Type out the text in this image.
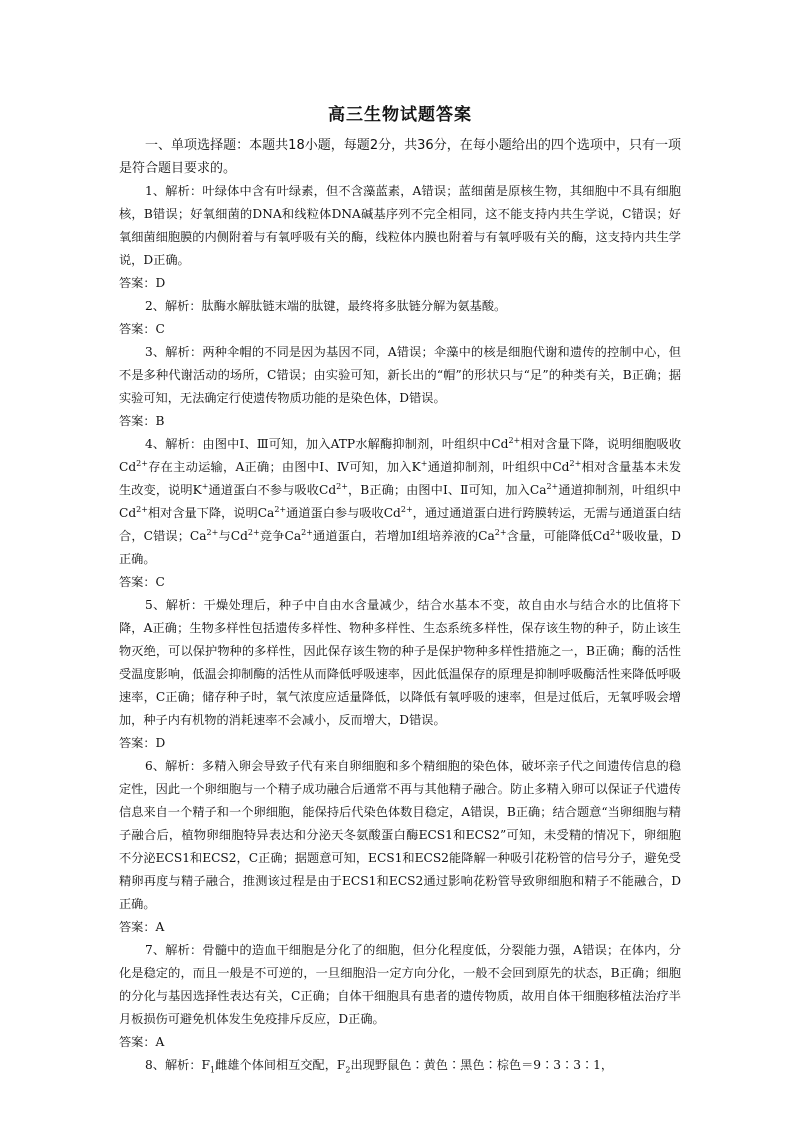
高三生物试题答案

一、单项选择题：本题共18小题，每题2分，共36分，在每小题给出的四个选项中，只有一项是符合题目要求的。

1、解析：叶绿体中含有叶绿素，但不含藻蓝素，A错误；蓝细菌是原核生物，其细胞中不具有细胞核，B错误；好氧细菌的DNA和线粒体DNA碱基序列不完全相同，这不能支持内共生学说，C错误；好氧细菌细胞膜的内侧附着与有氧呼吸有关的酶，线粒体内膜也附着与有氧呼吸有关的酶，这支持内共生学说，D正确。

答案：D

2、解析：肽酶水解肽链末端的肽键，最终将多肽链分解为氨基酸。

答案：C

3、解析：两种伞帽的不同是因为基因不同，A错误；伞藻中的核是细胞代谢和遗传的控制中心，但不是多种代谢活动的场所，C错误；由实验可知，新长出的“帽”的形状只与“足”的种类有关，B正确；据实验可知，无法确定行使遗传物质功能的是染色体，D错误。

答案：B

4、解析：由图中Ⅰ、Ⅲ可知，加入ATP水解酶抑制剂，叶组织中$Cd^{2+}$相对含量下降，说明细胞吸收$Cd^{2+}$存在主动运输，A正确；由图中Ⅰ、Ⅳ可知，加入K+通道抑制剂，叶组织中$Cd^{2+}$相对含量基本未发生改变，说明K+通道蛋白不参与吸收$Cd^{2+}$，B正确；由图中Ⅰ、Ⅱ可知，加入$Ca^{2+}$通道抑制剂，叶组织中$Cd^{2+}$相对含量下降，说明$Ca^{2+}$通道蛋白参与吸收$Cd^{2+}$，通过通道蛋白进行跨膜转运，无需与通道蛋白结合，C错误；$Ca^{2+}$与$Cd^{2+}$竞争$Ca^{2+}$通道蛋白，若增加Ⅰ组培养液的$Ca^{2+}$含量，可能降低$Cd^{2+}$吸收量，D正确。

答案：C

5、解析：干燥处理后，种子中自由水含量减少，结合水基本不变，故自由水与结合水的比值将下降，A正确；生物多样性包括遗传多样性、物种多样性、生态系统多样性，保存该生物的种子，防止该生物灭绝，可以保护物种的多样性，因此保存该生物的种子是保护物种多样性措施之一，B正确；酶的活性受温度影响，低温会抑制酶的活性从而降低呼吸速率，因此低温保存的原理是抑制呼吸酶活性来降低呼吸速率，C正确；储存种子时，氧气浓度应适量降低，以降低有氧呼吸的速率，但是过低后，无氧呼吸会增加，种子内有机物的消耗速率不会减小，反而增大，D错误。

答案：D

6、解析：多精入卵会导致子代有来自卵细胞和多个精细胞的染色体，破坏亲子代之间遗传信息的稳定性，因此一个卵细胞与一个精子成功融合后通常不再与其他精子融合。防止多精入卵可以保证子代遗传信息来自一个精子和一个卵细胞，能保持后代染色体数目稳定，A错误，B正确；结合题意“当卵细胞与精子融合后，植物卵细胞特异表达和分泌天冬氨酸蛋白酶ECS1和ECS2”可知，未受精的情况下，卵细胞不分泌ECS1和ECS2，C正确；据题意可知，ECS1和ECS2能降解一种吸引花粉管的信号分子，避免受精卵再度与精子融合，推测该过程是由于ECS1和ECS2通过影响花粉管导致卵细胞和精子不能融合，D正确。

答案：A

7、解析：骨髓中的造血干细胞是分化了的细胞，但分化程度低，分裂能力强，A错误；在体内，分化是稳定的，而且一般是不可逆的，一旦细胞沿一定方向分化，一般不会回到原先的状态，B正确；细胞的分化与基因选择性表达有关，C正确；自体干细胞具有患者的遗传物质，故用自体干细胞移植法治疗半月板损伤可避免机体发生免疫排斥反应，D正确。

答案：A

8、解析：$F_1$雌雄个体间相互交配，$F_2$出现野鼠色∶黄色∶黑色∶棕色＝9∶3∶3∶1，
